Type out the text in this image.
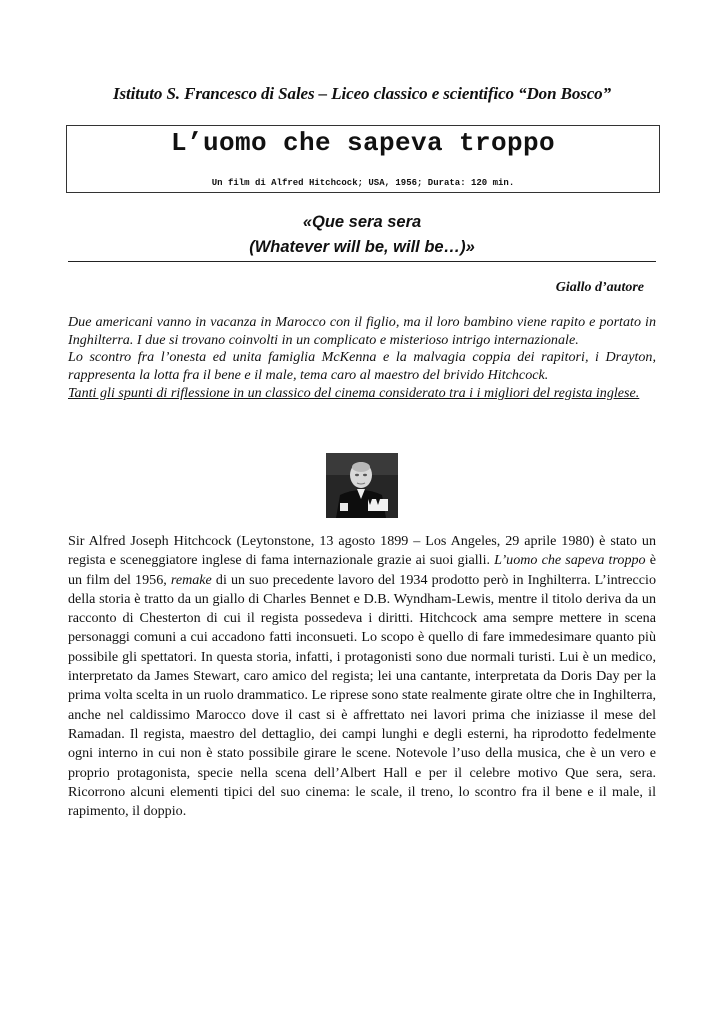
Istituto S. Francesco di Sales – Liceo classico e scientifico “Don Bosco”
L’uomo che sapeva troppo
Un film di Alfred Hitchcock; USA, 1956; Durata: 120 min.
«Que sera sera
(Whatever will be, will be…)»
Giallo d’autore

Due americani vanno in vacanza in Marocco con il figlio, ma il loro bambino viene rapito e portato in Inghilterra. I due si trovano coinvolti in un complicato e misterioso intrigo internazionale.

Lo scontro fra l’onesta ed unita famiglia McKenna e la malvagia coppia dei rapitori, i Drayton, rappresenta la lotta fra il bene e il male, tema caro al maestro del brivido Hitchcock.

Tanti gli spunti di riflessione in un classico del cinema considerato tra i i migliori del regista inglese.

Sir Alfred Joseph Hitchcock (Leytonstone, 13 agosto 1899 – Los Angeles, 29 aprile 1980) è stato un regista e sceneggiatore inglese di fama internazionale grazie ai suoi gialli. L’uomo che sapeva troppo è un film del 1956, remake di un suo precedente lavoro del 1934 prodotto però in Inghilterra. L’intreccio della storia è tratto da un giallo di Charles Bennet e D.B. Wyndham-Lewis, mentre il titolo deriva da un racconto di Chesterton di cui il regista possedeva i diritti. Hitchcock ama sempre mettere in scena personaggi comuni a cui accadono fatti inconsueti. Lo scopo è quello di fare immedesimare quanto più possibile gli spettatori. In questa storia, infatti, i protagonisti sono due normali turisti. Lui è un medico, interpretato da James Stewart, caro amico del regista; lei una cantante, interpretata da Doris Day per la prima volta scelta in un ruolo drammatico. Le riprese sono state realmente girate oltre che in Inghilterra, anche nel caldissimo Marocco dove il cast si è affrettato nei lavori prima che iniziasse il mese del Ramadan. Il regista, maestro del dettaglio, dei campi lunghi e degli esterni, ha riprodotto fedelmente ogni interno in cui non è stato possibile girare le scene. Notevole l’uso della musica, che è un vero e proprio protagonista, specie nella scena dell’Albert Hall e per il celebre motivo Que sera, sera. Ricorrono alcuni elementi tipici del suo cinema: le scale, il treno, lo scontro fra il bene e il male, il rapimento, il doppio.
